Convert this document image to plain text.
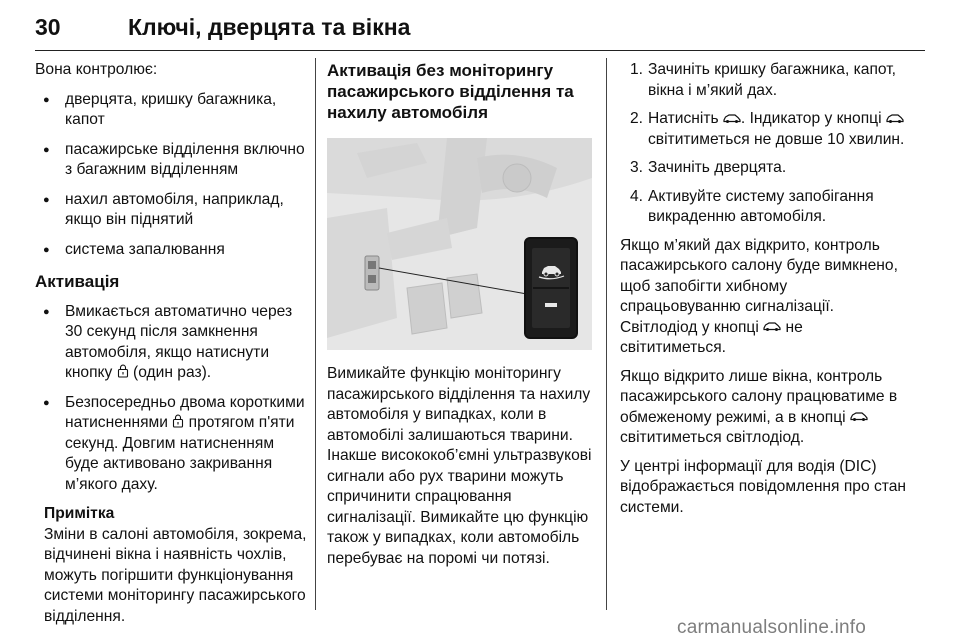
30	Ключі, дверцята та вікна

Вона контролює:

● дверцята, кришку багажника, капот
● пасажирське відділення включно з багажним відділенням
● нахил автомобіля, наприклад, якщо він піднятий
● система запалювання
Активація
● Вмикається автоматично через 30 секунд після замкнення автомобіля, якщо натиснути кнопку  (один раз).
● Безпосередньо двома короткими натисненнями  протягом п'яти секунд. Довгим натисненням буде активовано закривання м’якого даху.
Примітка
Зміни в салоні автомобіля, зокрема, відчинені вікна і наявність чохлів, можуть погіршити функціонування системи моніторингу пасажирського відділення.
Активація без моніторингу пасажирського відділення та нахилу автомобіля

Вимикайте функцію моніторингу пасажирського відділення та нахилу автомобіля у випадках, коли в автомобілі залишаються тварини. Інакше висококоб’ємні ультразвукові сигнали або рух тварини можуть спричинити спрацювання сигналізації. Вимикайте цю функцію також у випадках, коли автомобіль перебуває на поромі чи потязі.

1. Зачиніть кришку багажника, капот, вікна і м’який дах.
2. Натисніть . Індикатор у кнопці  світитиметься не довше 10 хвилин.
3. Зачиніть дверцята.
4. Активуйте систему запобігання викраденню автомобіля.

Якщо м’який дах відкрито, контроль пасажирського салону буде вимкнено, щоб запобігти хибному спрацьовуванню сигналізації. Світлодіод у кнопці  не світитиметься.

Якщо відкрито лише вікна, контроль пасажирського салону працюватиме в обмеженому режимі, а в кнопці  світитиметься світлодіод.

У центрі інформації для водія (DIC) відображається повідомлення про стан системи.

carmanualsonline.info
